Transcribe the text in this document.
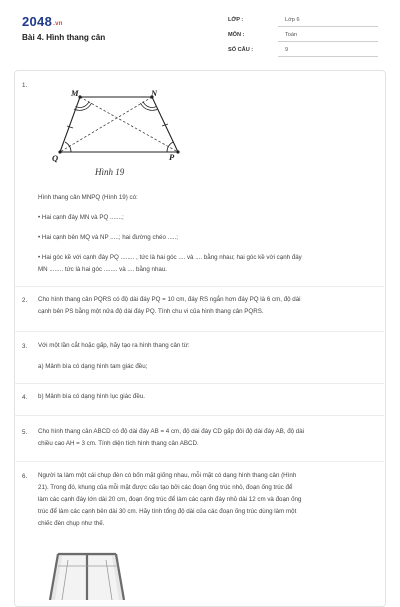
2048.vn
Bài 4. Hình thang cân
LỚP :	Lớp 6
MÔN :	Toán
SỐ CÂU :	9
1.
M	N
Q	P
Hình 19
Hình thang cân MNPQ (Hình 19) có:
• Hai cạnh đáy MN và PQ .......;
• Hai cạnh bên MQ và NP .....; hai đường chéo .....;
• Hai góc kề với cạnh đáy PQ ........ , tức là hai góc .... và .... bằng nhau; hai góc kề với cạnh đáy
MN ........ tức là hai góc ........ và .... bằng nhau.
2. Cho hình thang cân PQRS có độ dài đáy PQ = 10 cm, đáy RS ngắn hơn đáy PQ là 6 cm, độ dài
cạnh bên PS bằng một nửa độ dài đáy PQ. Tính chu vi của hình thang cân PQRS.
3. Với một lần cắt hoặc gấp, hãy tạo ra hình thang cân từ:
a) Mảnh bìa có dạng hình tam giác đều;
4. b) Mảnh bìa có dạng hình lục giác đều.
5. Cho hình thang cân ABCD có độ dài đáy AB = 4 cm, độ dài đáy CD gấp đôi độ dài đáy AB, độ dài
chiều cao AH = 3 cm. Tính diện tích hình thang cân ABCD.
6. Người ta làm một cái chụp đèn có bốn mặt giống nhau, mỗi mặt có dạng hình thang cân (Hình
21). Trong đó, khung của mỗi mặt được cấu tạo bởi các đoạn ống trúc nhỏ, đoạn ống trúc để
làm các cạnh đáy lớn dài 20 cm, đoạn ống trúc để làm các cạnh đáy nhỏ dài 12 cm và đoạn ống
trúc để làm các cạnh bên dài 30 cm. Hãy tính tổng độ dài của các đoạn ống trúc dùng làm một
chiếc đèn chụp như thế.
